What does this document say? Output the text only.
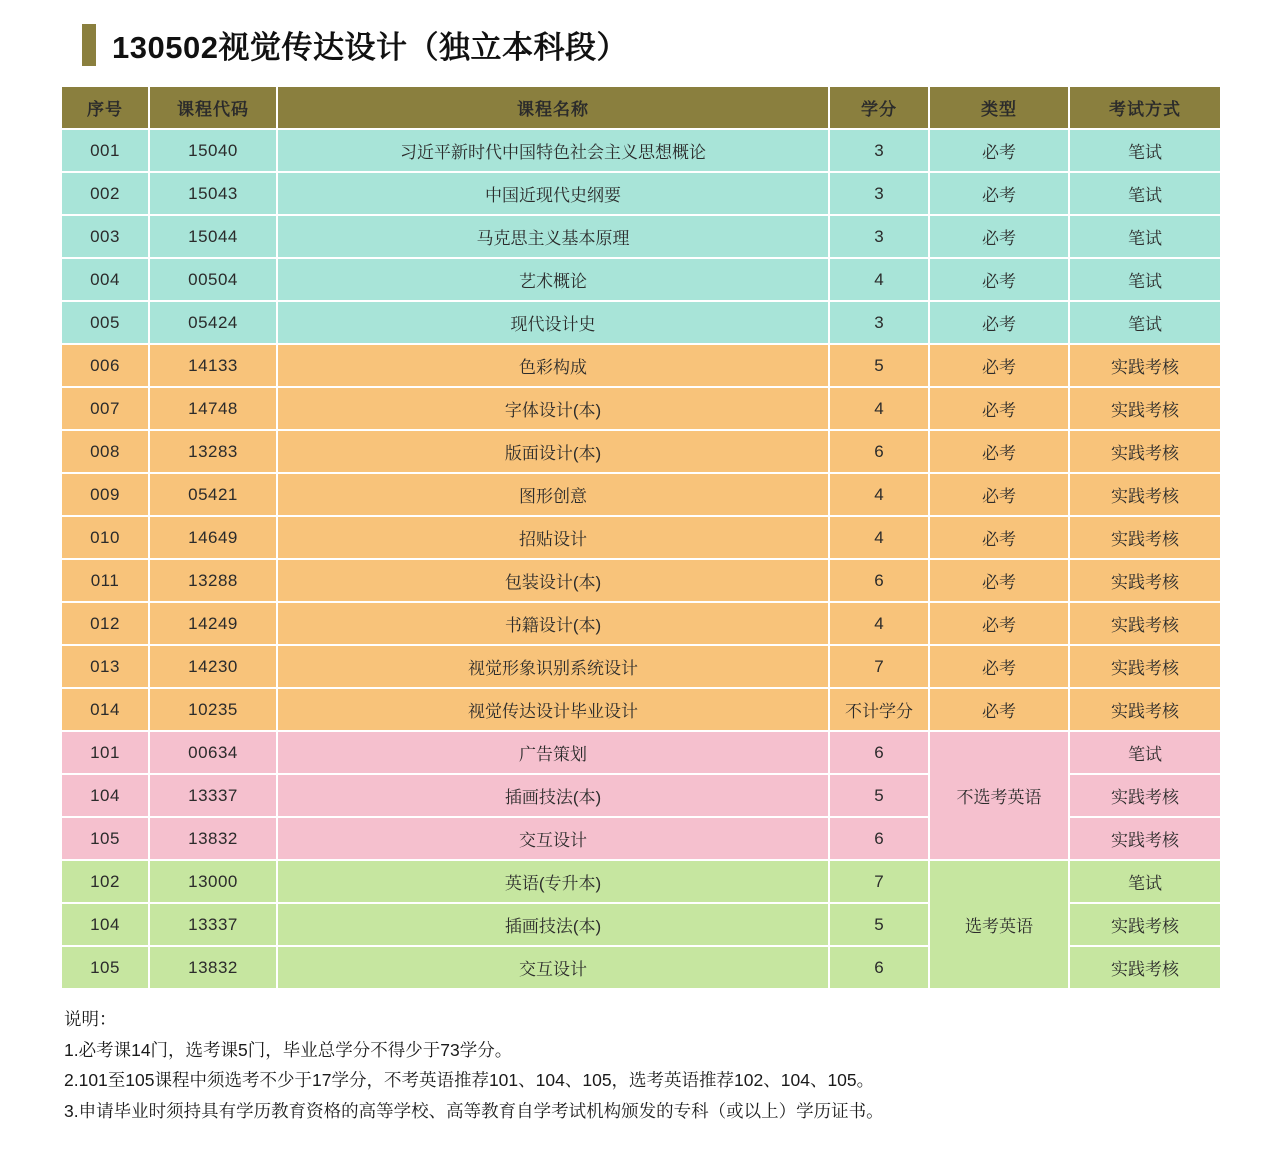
130502视觉传达设计（独立本科段）
序号	课程代码	课程名称	学分	类型	考试方式
001	15040	习近平新时代中国特色社会主义思想概论	3	必考	笔试
002	15043	中国近现代史纲要	3	必考	笔试
003	15044	马克思主义基本原理	3	必考	笔试
004	00504	艺术概论	4	必考	笔试
005	05424	现代设计史	3	必考	笔试
006	14133	色彩构成	5	必考	实践考核
007	14748	字体设计(本)	4	必考	实践考核
008	13283	版面设计(本)	6	必考	实践考核
009	05421	图形创意	4	必考	实践考核
010	14649	招贴设计	4	必考	实践考核
011	13288	包装设计(本)	6	必考	实践考核
012	14249	书籍设计(本)	4	必考	实践考核
013	14230	视觉形象识别系统设计	7	必考	实践考核
014	10235	视觉传达设计毕业设计	不计学分	必考	实践考核
101	00634	广告策划	6	不选考英语	笔试
104	13337	插画技法(本)	5		实践考核
105	13832	交互设计	6		实践考核
102	13000	英语(专升本)	7	选考英语	笔试
104	13337	插画技法(本)	5		实践考核
105	13832	交互设计	6		实践考核
说明：
1.必考课14门，选考课5门，毕业总学分不得少于73学分。
2.101至105课程中须选考不少于17学分，不考英语推荐101、104、105，选考英语推荐102、104、105。
3.申请毕业时须持具有学历教育资格的高等学校、高等教育自学考试机构颁发的专科（或以上）学历证书。
